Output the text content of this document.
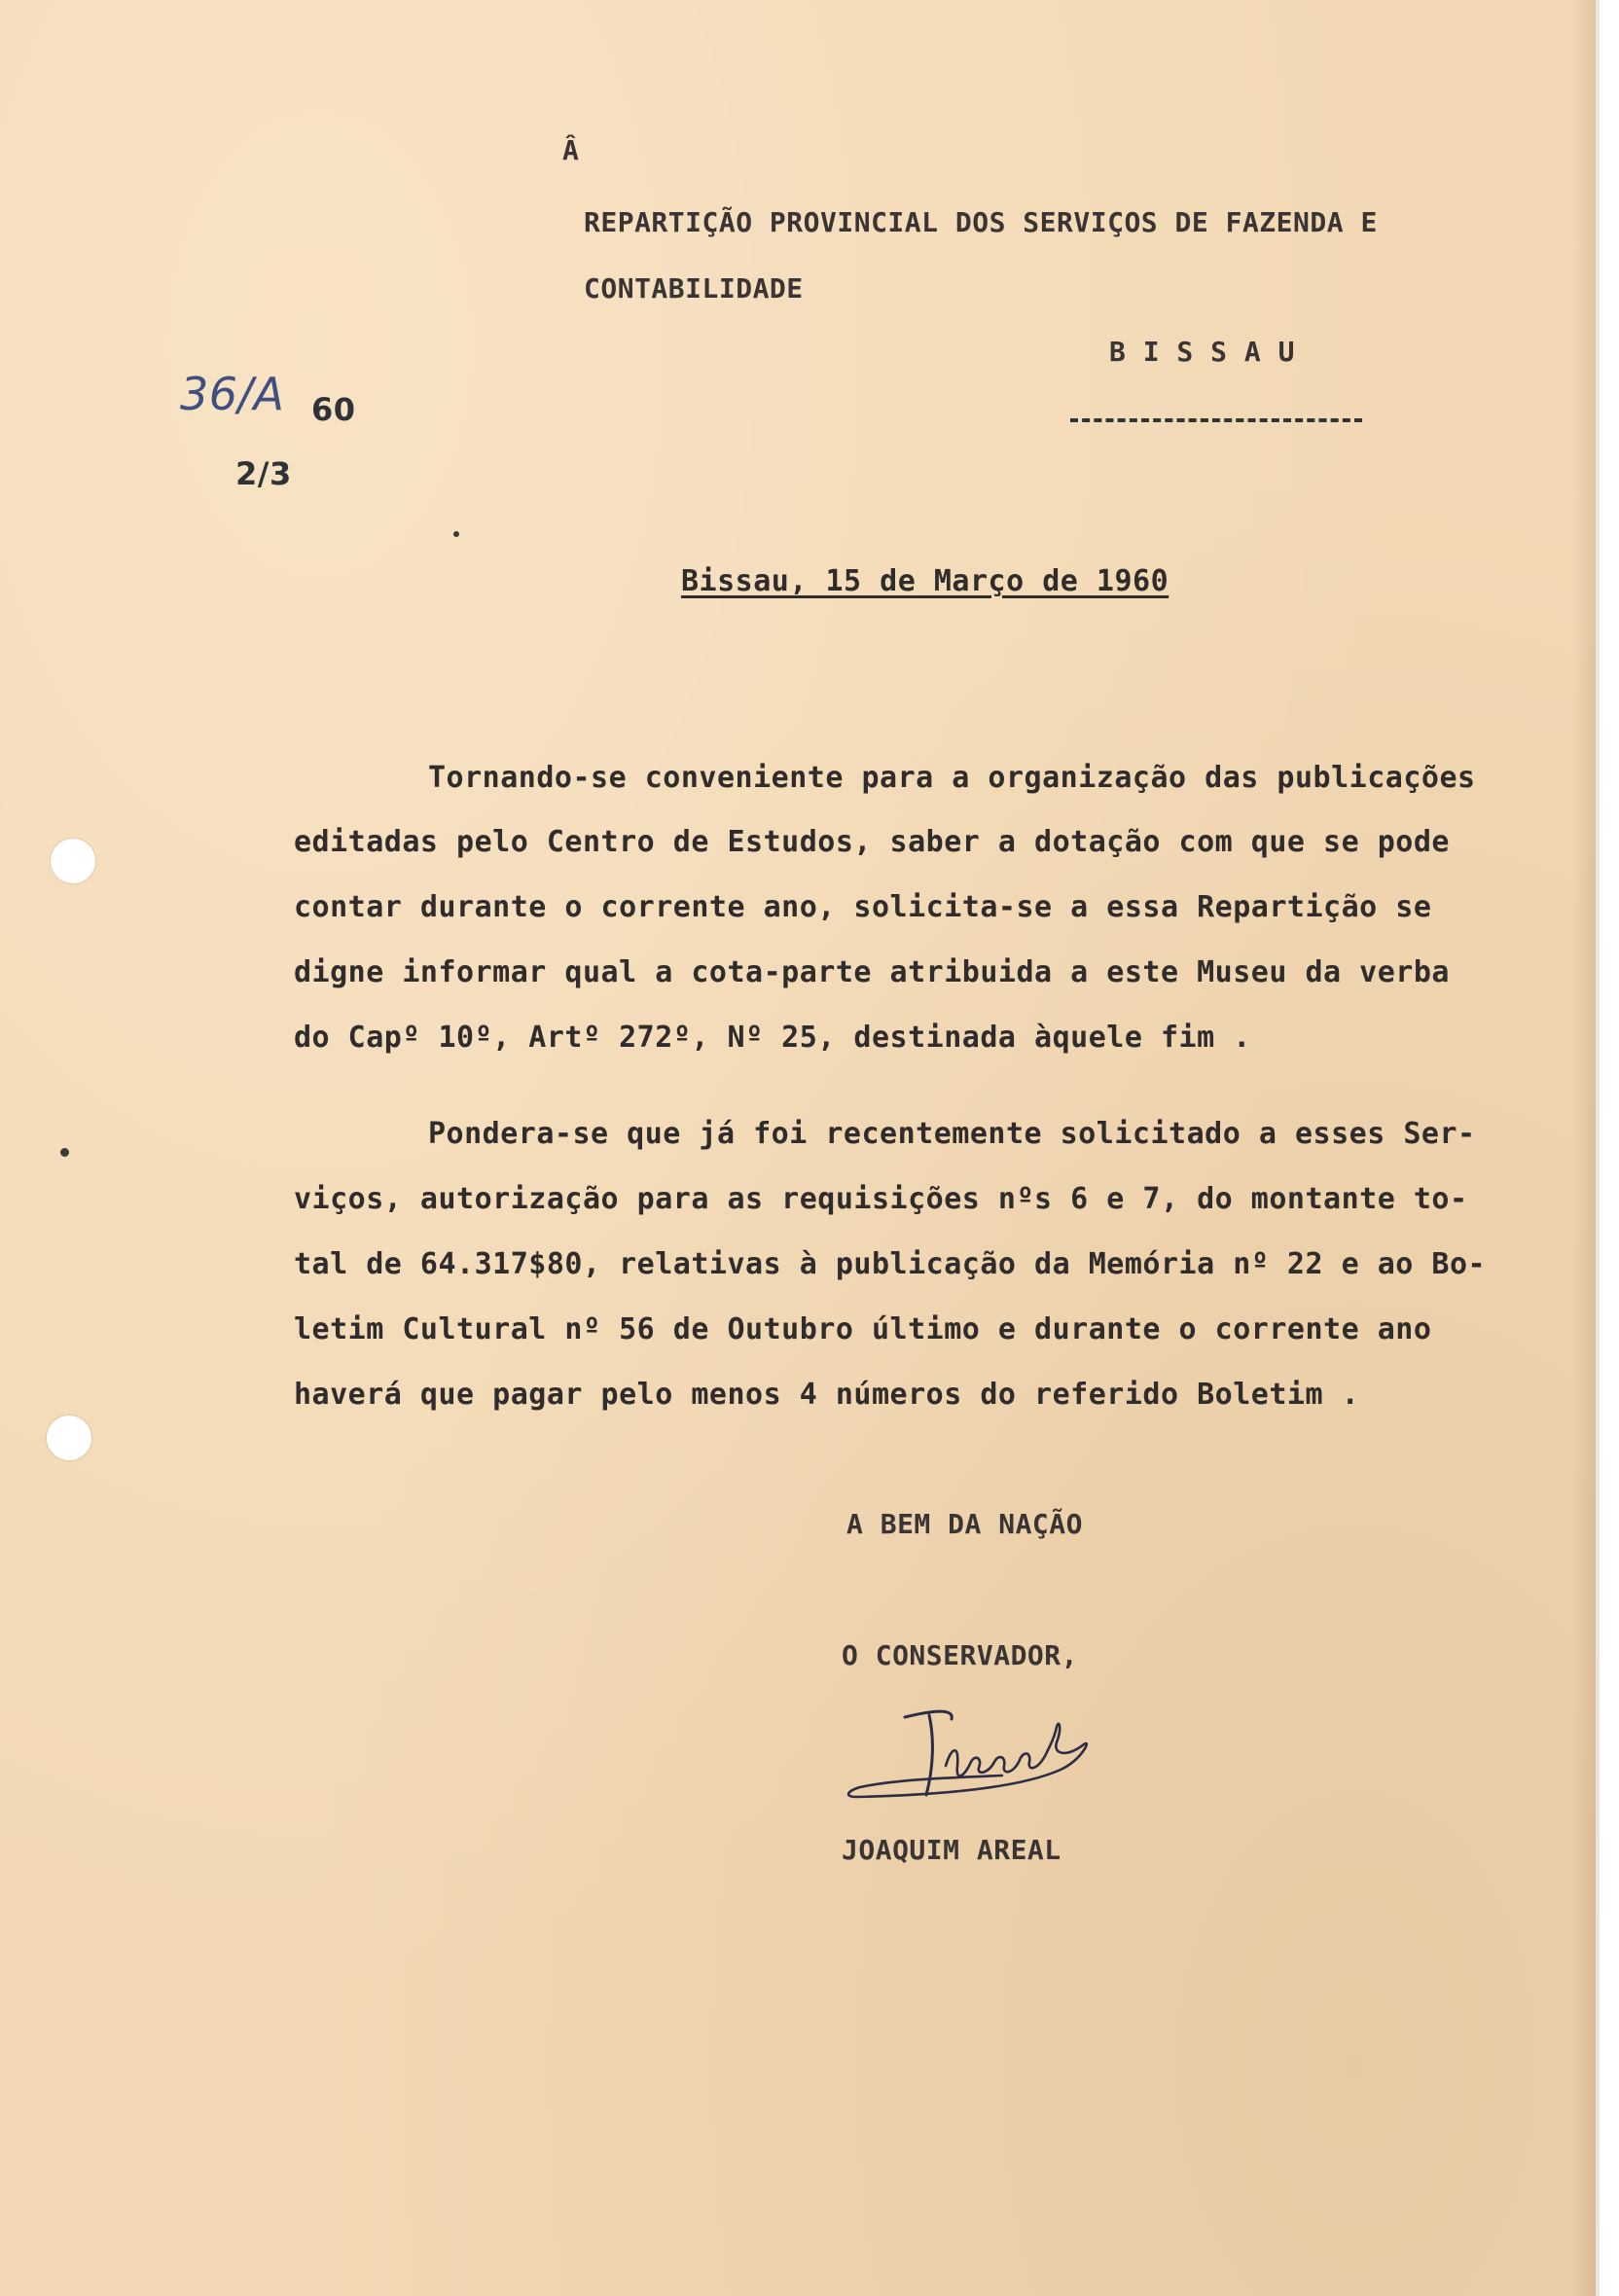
Â
REPARTIÇÃO PROVINCIAL DOS SERVIÇOS DE FAZENDA E
CONTABILIDADE
B I S S A U
36/A 60
2/3
Bissau, 15 de Março de 1960
Tornando-se conveniente para a organização das publicações
editadas pelo Centro de Estudos, saber a dotação com que se pode
contar durante o corrente ano, solicita-se a essa Repartição se
digne informar qual a cota-parte atribuida a este Museu da verba
do Capº 10º, Artº 272º, Nº 25, destinada àquele fim .
Pondera-se que já foi recentemente solicitado a esses Ser-
viços, autorização para as requisições nºs 6 e 7, do montante to-
tal de 64.317$80, relativas à publicação da Memória nº 22 e ao Bo-
letim Cultural nº 56 de Outubro último e durante o corrente ano
haverá que pagar pelo menos 4 números do referido Boletim .
A BEM DA NAÇÃO
O CONSERVADOR,
JOAQUIM AREAL
